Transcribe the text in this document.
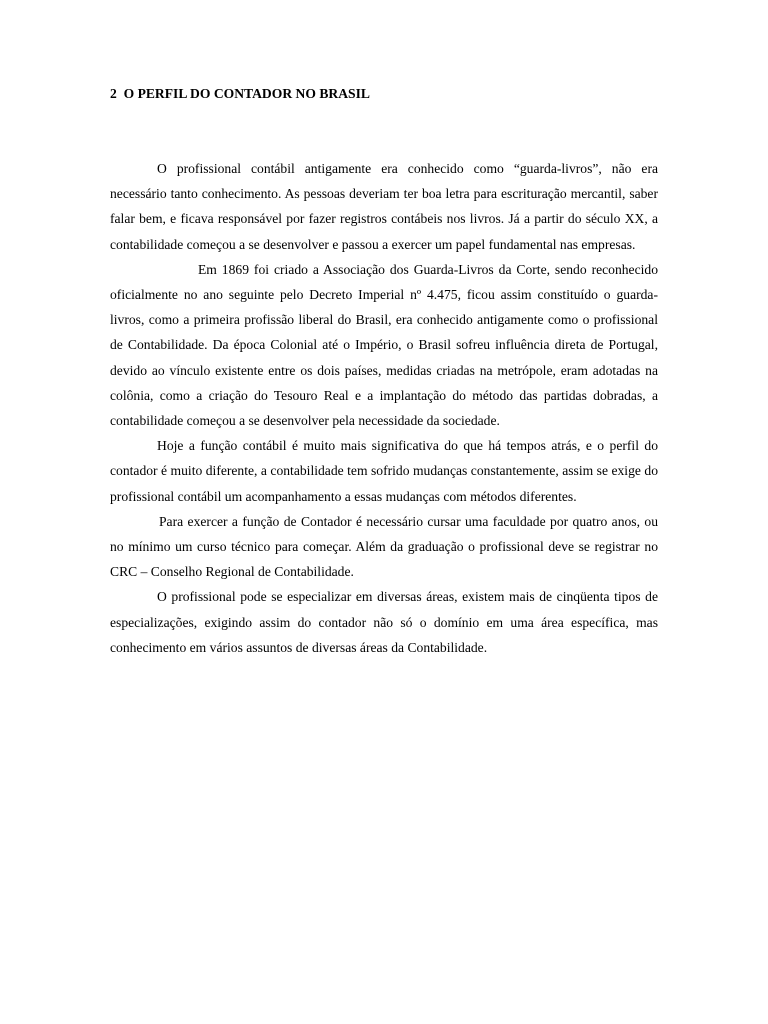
2  O PERFIL DO CONTADOR NO BRASIL

O profissional contábil antigamente era conhecido como “guarda-livros”, não era necessário tanto conhecimento. As pessoas deveriam ter boa letra para escrituração mercantil, saber falar bem, e ficava responsável por fazer registros contábeis nos livros. Já a partir do século XX, a contabilidade começou a se desenvolver e passou a exercer um papel fundamental nas empresas.

Em 1869 foi criado a Associação dos Guarda-Livros da Corte, sendo reconhecido oficialmente no ano seguinte pelo Decreto Imperial nº 4.475, ficou assim constituído o guarda-livros, como a primeira profissão liberal do Brasil, era conhecido antigamente como o profissional de Contabilidade. Da época Colonial até o Império, o Brasil sofreu influência direta de Portugal, devido ao vínculo existente entre os dois países, medidas criadas na metrópole, eram adotadas na colônia, como a criação do Tesouro Real e a implantação do método das partidas dobradas, a contabilidade começou a se desenvolver pela necessidade da sociedade.

Hoje a função contábil é muito mais significativa do que há tempos atrás, e o perfil do contador é muito diferente, a contabilidade tem sofrido mudanças constantemente, assim se exige do profissional contábil um acompanhamento a essas mudanças com métodos diferentes.

Para exercer a função de Contador é necessário cursar uma faculdade por quatro anos, ou no mínimo um curso técnico para começar. Além da graduação o profissional deve se registrar no CRC – Conselho Regional de Contabilidade.

O profissional pode se especializar em diversas áreas, existem mais de cinqüenta tipos de especializações, exigindo assim do contador não só o domínio em uma área específica, mas conhecimento em vários assuntos de diversas áreas da Contabilidade.
